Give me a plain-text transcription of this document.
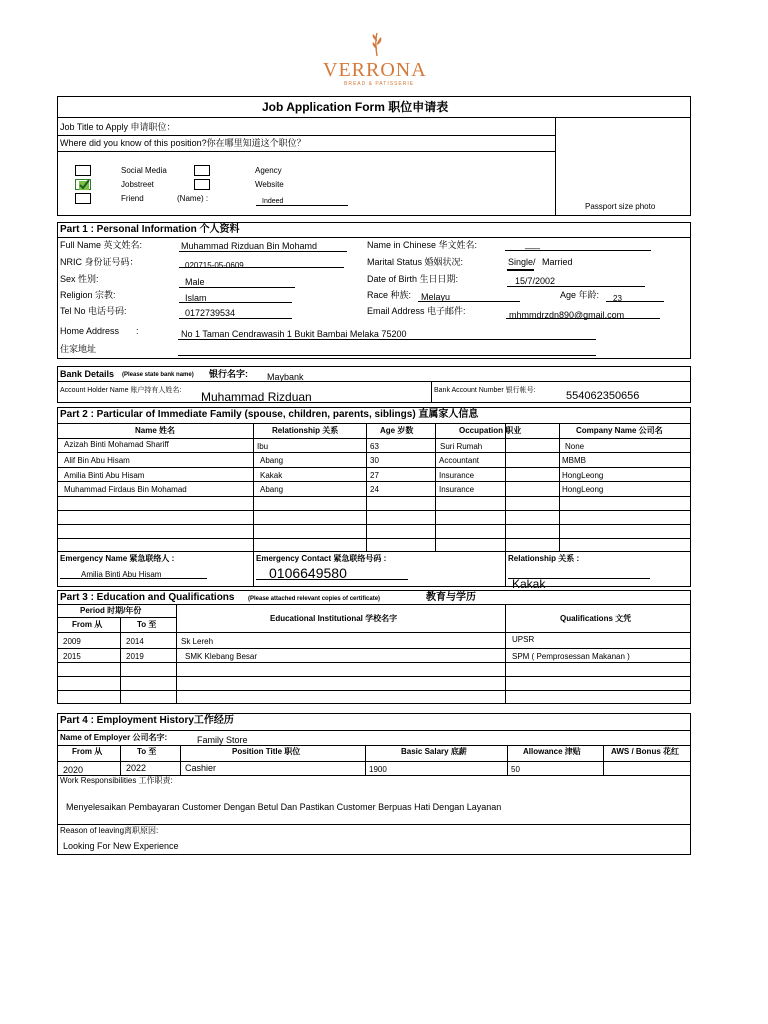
VERRONA
BREAD & PATISSERIE
Job Application Form 职位申请表
Job Title to Apply 申请职位：
Where did you know of this position?你在哪里知道这个职位？
Social Media
Jobstreet
Friend	(Name) :
Agency
Website
Indeed
Passport size photo
Part 1 : Personal Information 个人资料
Full Name 英文姓名:	Muhammad Rizduan Bin Mohamd
NRIC 身份证号码：	020715-05-0609
Sex 性别:	Male
Religion 宗教:	Islam
Tel No 电话号码:	0172739534
Name in Chinese 华文姓名:	___
Marital Status 婚姻状况:	Single / Married
Date of Birth 生日日期:	15/7/2002
Race 种族: Melayu	Age 年龄: 23
Email Address 电子邮件:	mhmmdrzdn890@gmail.com
Home Address :
住家地址
No 1 Taman Cendrawasih 1 Bukit Bambai Melaka 75200
Bank Details (Please state bank name) 银行名字: Maybank
Account Holder Name 账户持有人姓名: Muhammad Rizduan	Bank Account Number 银行帐号:	554062350656
Part 2 : Particular of Immediate Family (spouse, children, parents, siblings) 直属家人信息
Name 姓名	Relationship 关系	Age 岁数	Occupation 职业	Company Name 公司名
Azizah Binti Mohamad Shariff	Ibu	63	Suri Rumah	None
Alif Bin Abu Hisam	Abang	30	Accountant	MBMB
Amilia Binti Abu Hisam	Kakak	27	Insurance	HongLeong
Muhammad Firdaus Bin Mohamad	Abang	24	Insurance	HongLeong
Emergency Name 紧急联络人 :
Amilia Binti Abu Hisam
Emergency Contact 紧急联络号码 :
0106649580
Relationship 关系 :
Kakak
Part 3 : Education and Qualifications (Please attached relevant copies of certificate)	教育与学历
Period 时期/年份
From 从	To 至
Educational Institutional 学校名字	Qualifications 文凭
2009	2014	Sk Lereh	UPSR
2015	2019	SMK Klebang Besar	SPM ( Pemprosessan Makanan )
Part 4 : Employment History工作经历
Name of Employer 公司名字:	Family Store
From 从	To 至	Position Title 职位	Basic Salary 底薪	Allowance 津贴	AWS / Bonus 花红
2020	2022	Cashier	1900	50
Work Responsibilities 工作职责:
Menyelesaikan Pembayaran Customer Dengan Betul Dan Pastikan Customer Berpuas Hati Dengan Layanan
Reason of leaving离职原因:
Looking For New Experience
